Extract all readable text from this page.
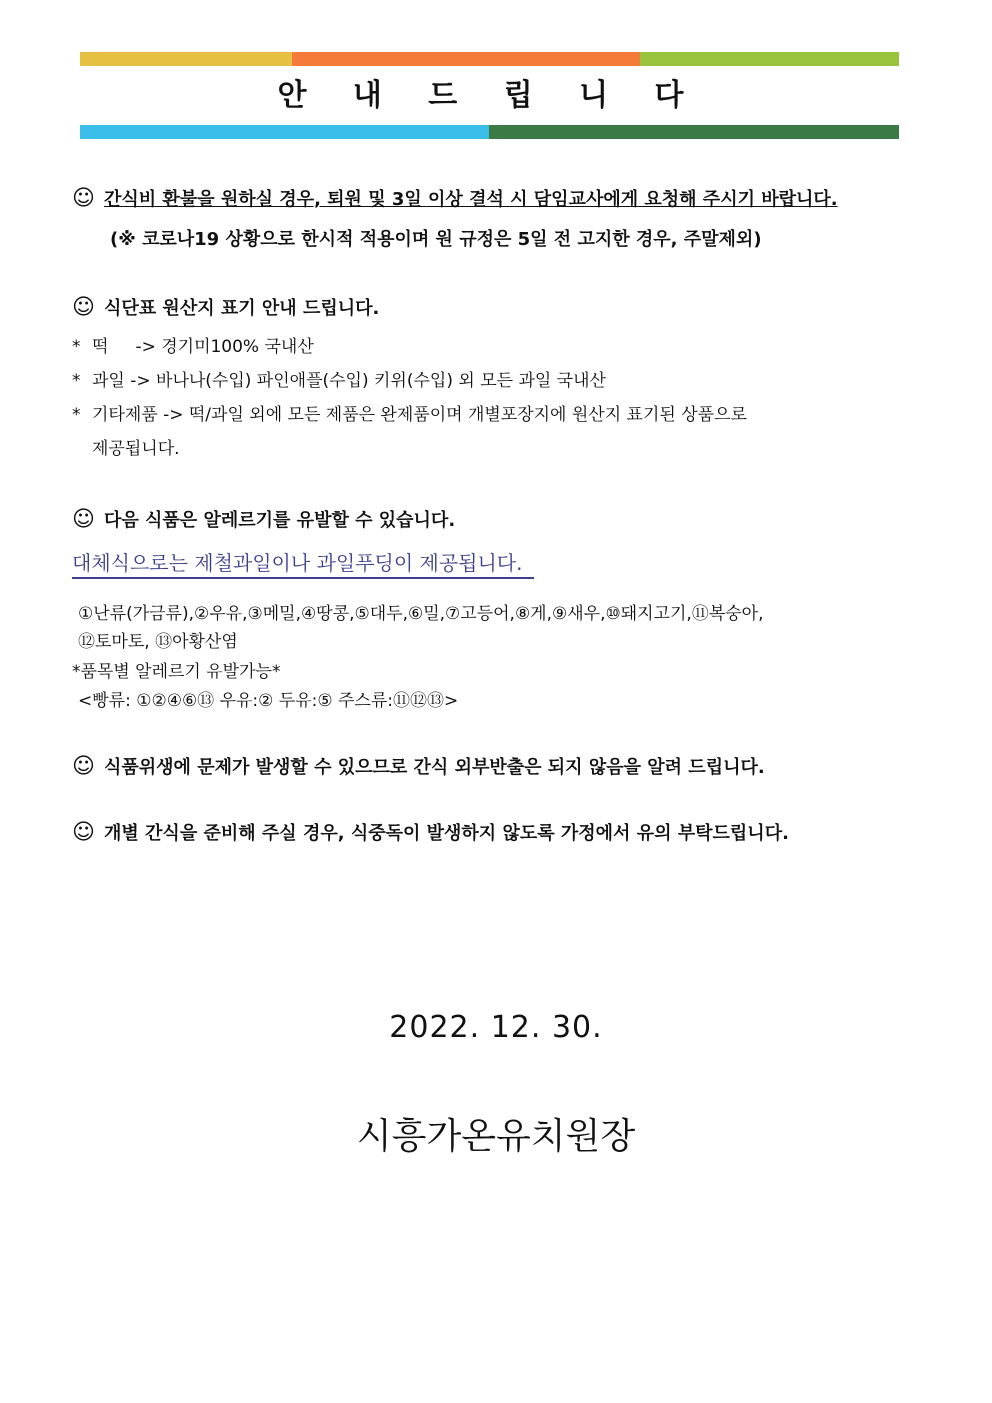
안 내 드 립 니 다
☺ 간식비 환불을 원하실 경우, 퇴원 및 3일 이상 결석 시 담임교사에게 요청해 주시기 바랍니다.
(※ 코로나19 상황으로 한시적 적용이며 원 규정은 5일 전 고지한 경우, 주말제외)
☺ 식단표 원산지 표기 안내 드립니다.
* 떡     -> 경기미100% 국내산
* 과일 -> 바나나(수입) 파인애플(수입) 키위(수입) 외 모든 과일 국내산
* 기타제품 -> 떡/과일 외에 모든 제품은 완제품이며 개별포장지에 원산지 표기된 상품으로
제공됩니다.
☺ 다음 식품은 알레르기를 유발할 수 있습니다.
대체식으로는 제철과일이나 과일푸딩이 제공됩니다.
①난류(가금류),②우유,③메밀,④땅콩,⑤대두,⑥밀,⑦고등어,⑧게,⑨새우,⑩돼지고기,⑪복숭아,
⑫토마토, ⑬아황산염
*품목별 알레르기 유발가능*
<빵류: ①②④⑥⑬ 우유:② 두유:⑤ 주스류:⑪⑫⑬>
☺ 식품위생에 문제가 발생할 수 있으므로 간식 외부반출은 되지 않음을 알려 드립니다.
☺ 개별 간식을 준비해 주실 경우, 식중독이 발생하지 않도록 가정에서 유의 부탁드립니다.
2022. 12. 30.
시흥가온유치원장
